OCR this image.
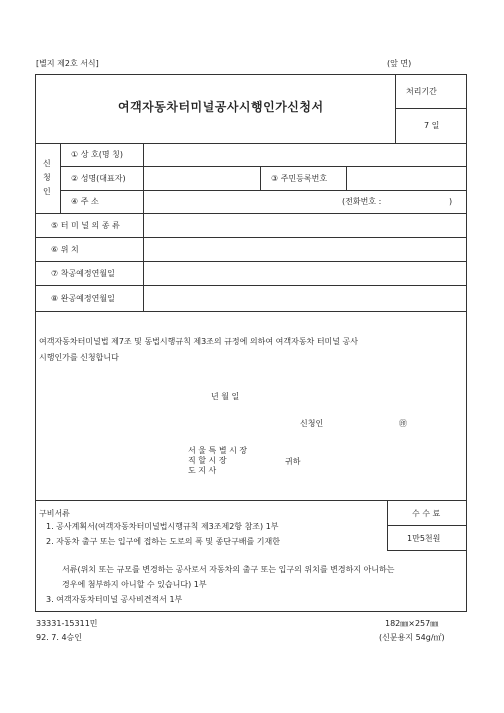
[별지 제2호 서식]	(앞 면)
여객자동차터미널공사시행인가신청서
처리기간
7 일
신
청
인
① 상 호(명 칭)
② 성명(대표자)	③ 주민등록번호
④ 주 소	(전화번호 :	)
⑤ 터 미 널 의 종 류
⑥ 위 치
⑦ 착공예정연월일
⑧ 완공예정연월일
여객자동차터미널법 제7조 및 동법시행규칙 제3조의 규정에 의하여 여객자동차 터미널 공사
시행인가를 신청합니다
년 월 일
신청인	㊞
서 울 특 별 시 장
직 할 시 장
도 지 사
귀하
구비서류
1. 공사계획서(여객자동차터미널법시행규칙 제3조제2항 참조) 1부
2. 자동차 출구 또는 입구에 접하는 도로의 폭 및 종단구배를 기재한
서류(위치 또는 규모를 변경하는 공사로서 자동차의 출구 또는 입구의 위치를 변경하지 아니하는
경우에 첨부하지 아니할 수 있습니다) 1부
3. 여객자동차터미널 공사비견적서 1부
수 수 료
1만5천원
33331-15311민	182㎜×257㎜
92. 7. 4승인	(신문용지 54g/㎡)
